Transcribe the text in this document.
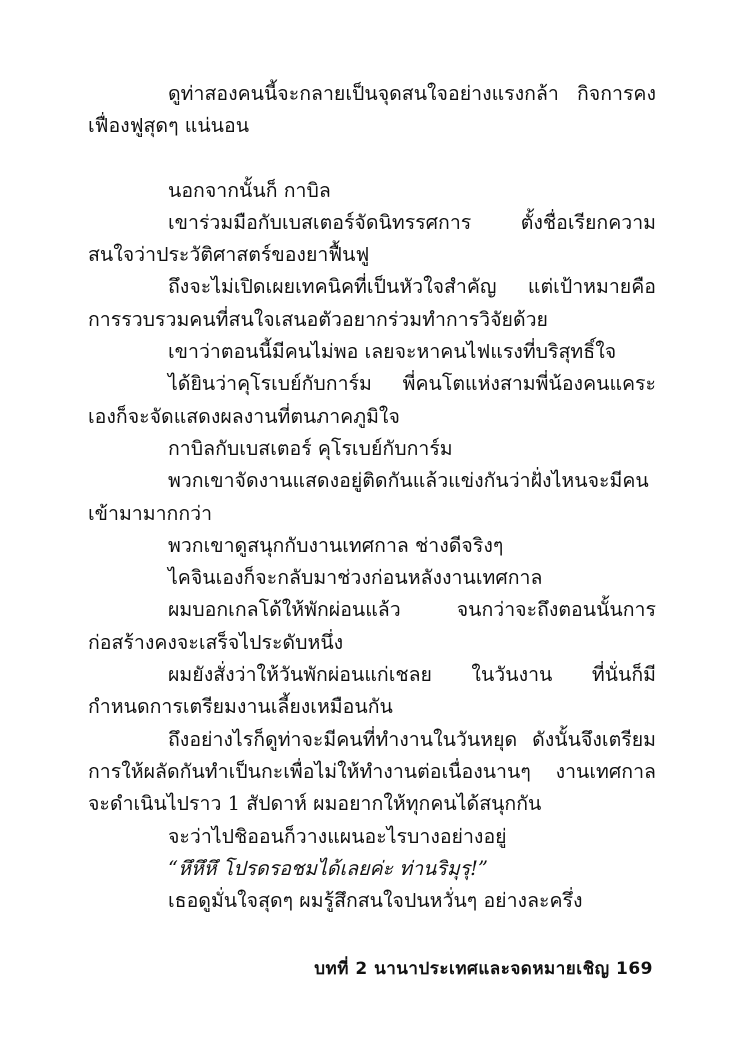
ดูท่าสองคนนี้จะกลายเป็นจุดสนใจอย่างแรงกล้า กิจการคงเฟื่องฟูสุดๆ แน่นอน

นอกจากนั้นก็ กาบิล

เขาร่วมมือกับเบสเตอร์จัดนิทรรศการ ตั้งชื่อเรียกความสนใจว่าประวัติศาสตร์ของยาฟื้นฟู

ถึงจะไม่เปิดเผยเทคนิคที่เป็นหัวใจสำคัญ แต่เป้าหมายคือการรวบรวมคนที่สนใจเสนอตัวอยากร่วมทำการวิจัยด้วย

เขาว่าตอนนี้มีคนไม่พอ เลยจะหาคนไฟแรงที่บริสุทธิ์ใจ

ได้ยินว่าคุโรเบย์กับการ์ม พี่คนโตแห่งสามพี่น้องคนแคระเองก็จะจัดแสดงผลงานที่ตนภาคภูมิใจ

กาบิลกับเบสเตอร์ คุโรเบย์กับการ์ม

พวกเขาจัดงานแสดงอยู่ติดกันแล้วแข่งกันว่าฝั่งไหนจะมีคนเข้ามามากกว่า

พวกเขาดูสนุกกับงานเทศกาล ช่างดีจริงๆ

ไคจินเองก็จะกลับมาช่วงก่อนหลังงานเทศกาล

ผมบอกเกลโด้ให้พักผ่อนแล้ว จนกว่าจะถึงตอนนั้นการก่อสร้างคงจะเสร็จไประดับหนึ่ง

ผมยังสั่งว่าให้วันพักผ่อนแก่เชลย ในวันงาน ที่นั่นก็มีกำหนดการเตรียมงานเลี้ยงเหมือนกัน

ถึงอย่างไรก็ดูท่าจะมีคนที่ทำงานในวันหยุด ดังนั้นจึงเตรียมการให้ผลัดกันทำเป็นกะเพื่อไม่ให้ทำงานต่อเนื่องนานๆ งานเทศกาลจะดำเนินไปราว 1 สัปดาห์ ผมอยากให้ทุกคนได้สนุกกัน

จะว่าไปชิออนก็วางแผนอะไรบางอย่างอยู่

“หึหึหึ โปรดรอชมได้เลยค่ะ ท่านริมุรุ!”

เธอดูมั่นใจสุดๆ ผมรู้สึกสนใจปนหวั่นๆ อย่างละครึ่ง

บทที่ 2 นานาประเทศและจดหมายเชิญ 169
